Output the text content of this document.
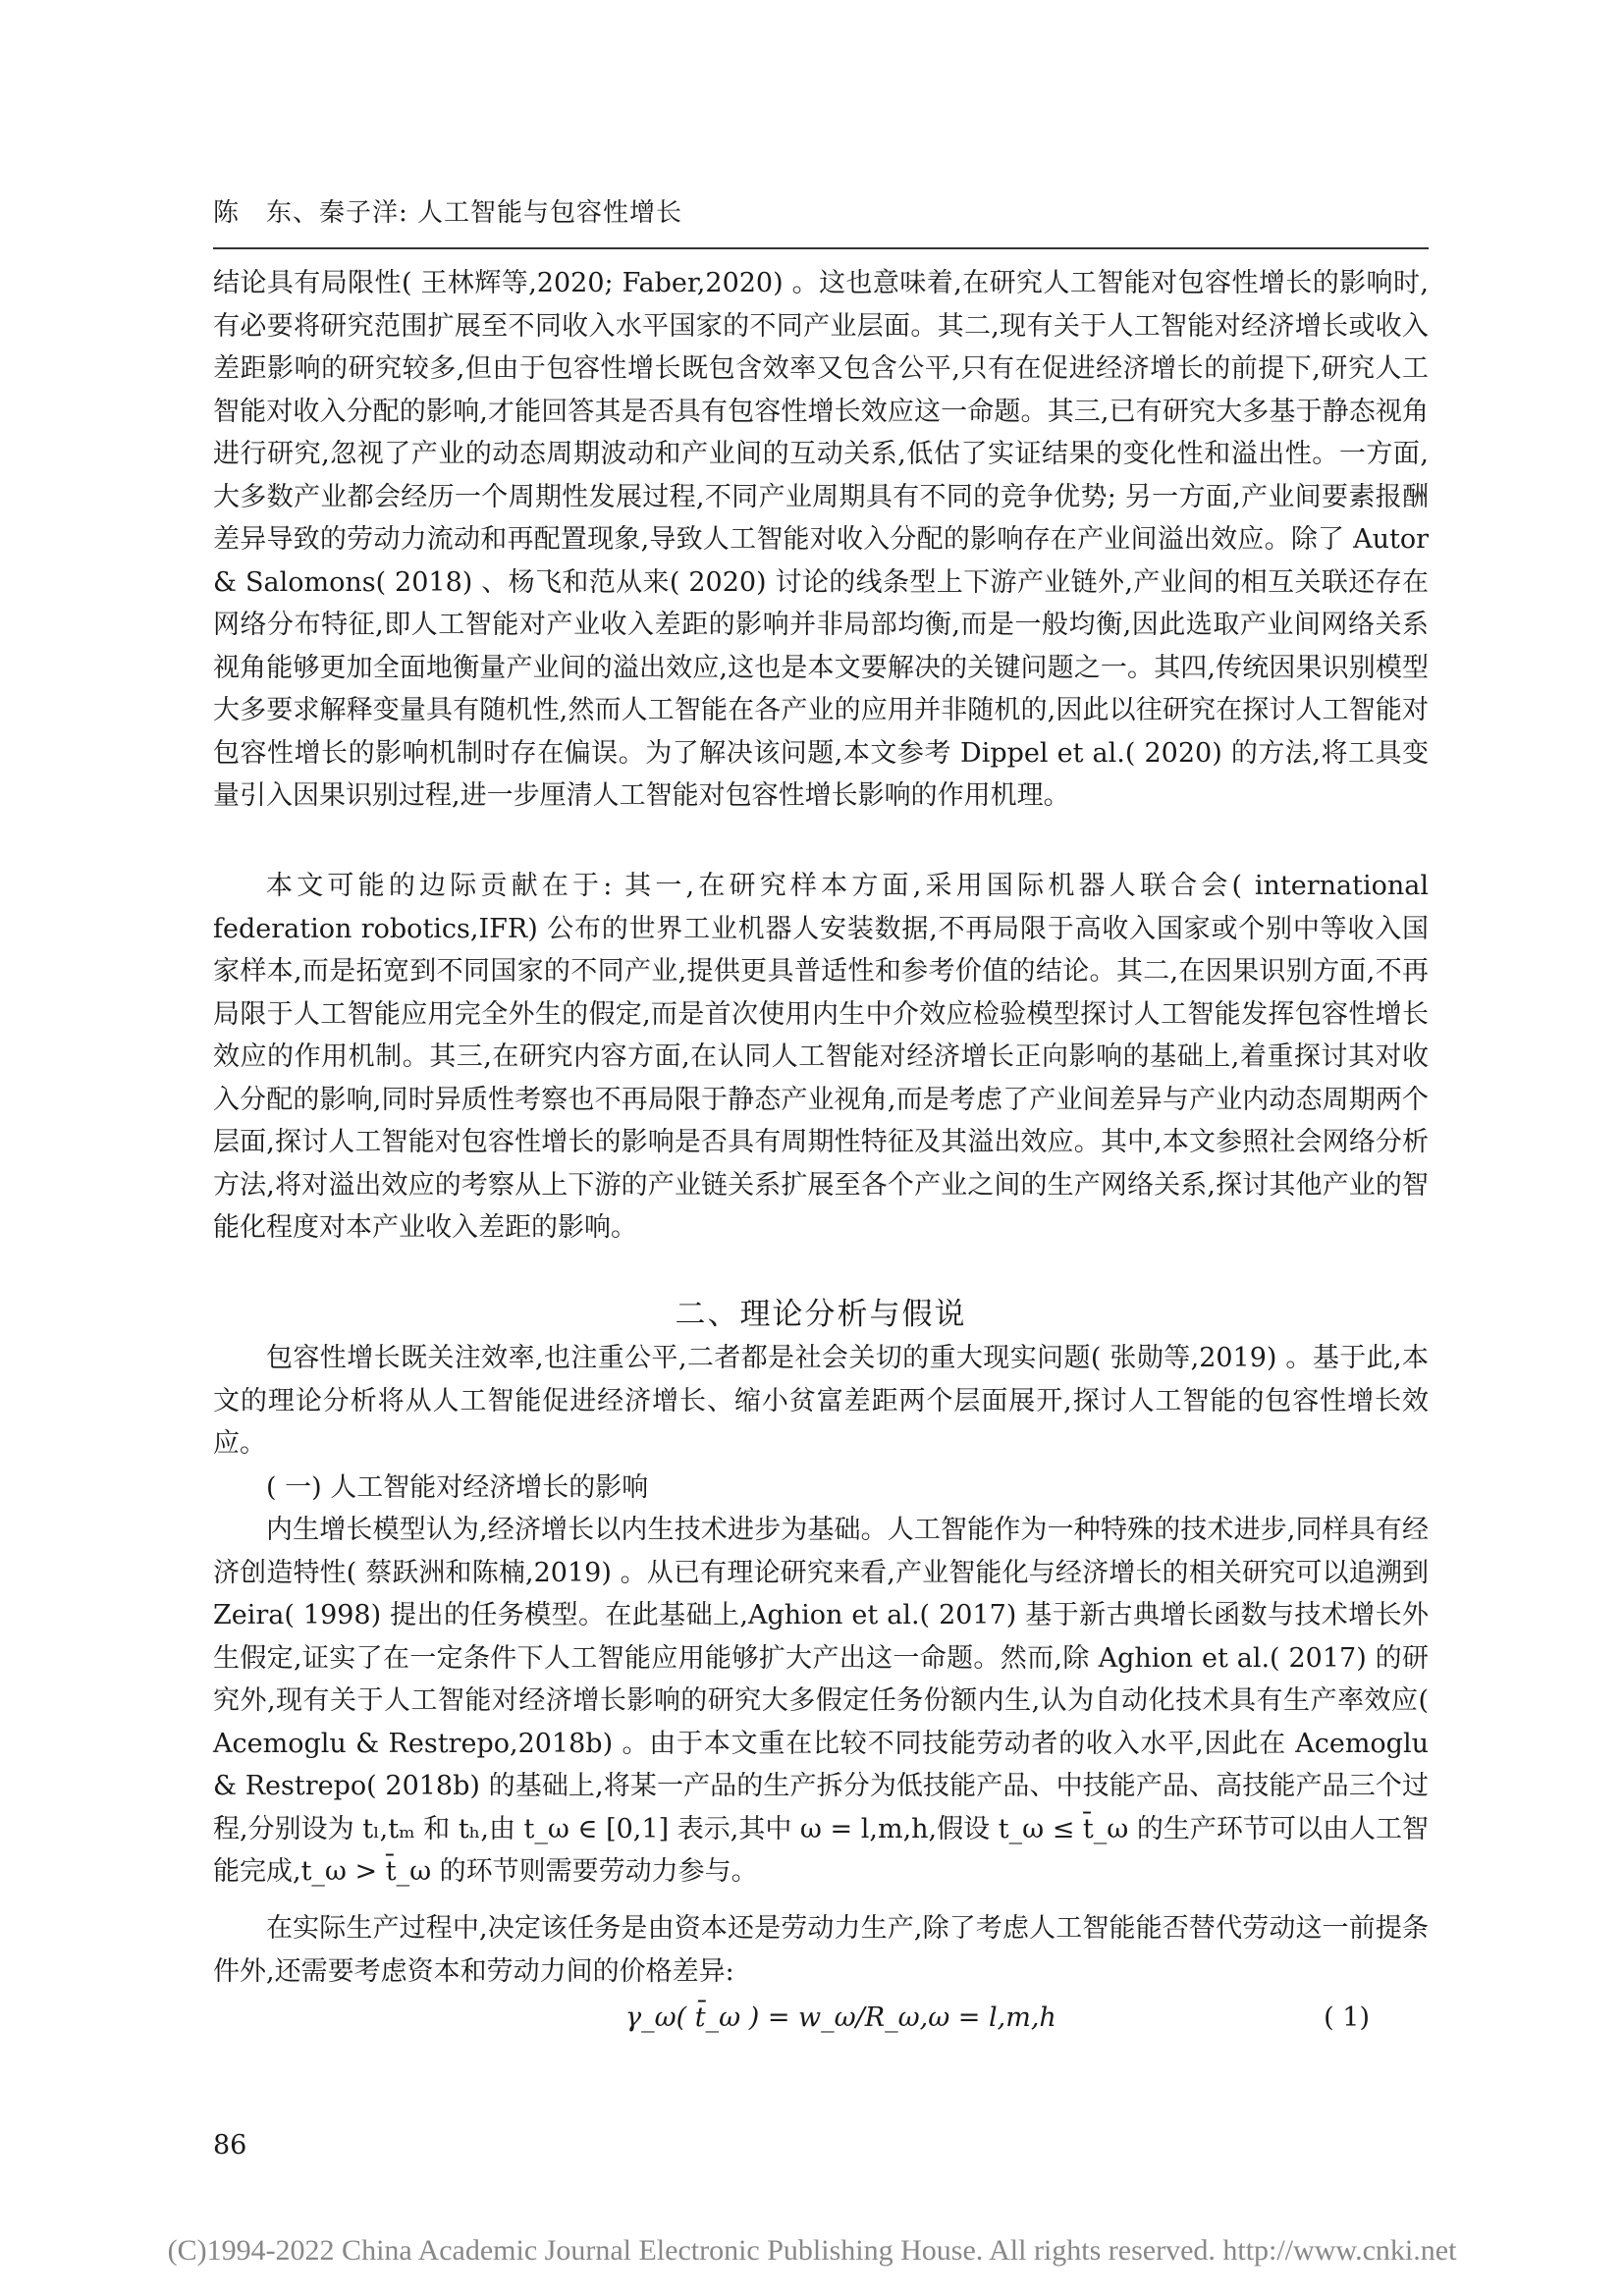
陈　东、秦子洋: 人工智能与包容性增长

结论具有局限性( 王林辉等,2020; Faber,2020) 。这也意味着,在研究人工智能对包容性增长的影响时,有必要将研究范围扩展至不同收入水平国家的不同产业层面。其二,现有关于人工智能对经济增长或收入差距影响的研究较多,但由于包容性增长既包含效率又包含公平,只有在促进经济增长的前提下,研究人工智能对收入分配的影响,才能回答其是否具有包容性增长效应这一命题。其三,已有研究大多基于静态视角进行研究,忽视了产业的动态周期波动和产业间的互动关系,低估了实证结果的变化性和溢出性。一方面,大多数产业都会经历一个周期性发展过程,不同产业周期具有不同的竞争优势; 另一方面,产业间要素报酬差异导致的劳动力流动和再配置现象,导致人工智能对收入分配的影响存在产业间溢出效应。除了 Autor & Salomons( 2018) 、杨飞和范从来( 2020) 讨论的线条型上下游产业链外,产业间的相互关联还存在网络分布特征,即人工智能对产业收入差距的影响并非局部均衡,而是一般均衡,因此选取产业间网络关系视角能够更加全面地衡量产业间的溢出效应,这也是本文要解决的关键问题之一。其四,传统因果识别模型大多要求解释变量具有随机性,然而人工智能在各产业的应用并非随机的,因此以往研究在探讨人工智能对包容性增长的影响机制时存在偏误。为了解决该问题,本文参考 Dippel et al.( 2020) 的方法,将工具变量引入因果识别过程,进一步厘清人工智能对包容性增长影响的作用机理。

本文可能的边际贡献在于: 其一,在研究样本方面,采用国际机器人联合会( international federation robotics,IFR) 公布的世界工业机器人安装数据,不再局限于高收入国家或个别中等收入国家样本,而是拓宽到不同国家的不同产业,提供更具普适性和参考价值的结论。其二,在因果识别方面,不再局限于人工智能应用完全外生的假定,而是首次使用内生中介效应检验模型探讨人工智能发挥包容性增长效应的作用机制。其三,在研究内容方面,在认同人工智能对经济增长正向影响的基础上,着重探讨其对收入分配的影响,同时异质性考察也不再局限于静态产业视角,而是考虑了产业间差异与产业内动态周期两个层面,探讨人工智能对包容性增长的影响是否具有周期性特征及其溢出效应。其中,本文参照社会网络分析方法,将对溢出效应的考察从上下游的产业链关系扩展至各个产业之间的生产网络关系,探讨其他产业的智能化程度对本产业收入差距的影响。

二、理论分析与假说

包容性增长既关注效率,也注重公平,二者都是社会关切的重大现实问题( 张勋等,2019) 。基于此,本文的理论分析将从人工智能促进经济增长、缩小贫富差距两个层面展开,探讨人工智能的包容性增长效应。

( 一) 人工智能对经济增长的影响

内生增长模型认为,经济增长以内生技术进步为基础。人工智能作为一种特殊的技术进步,同样具有经济创造特性( 蔡跃洲和陈楠,2019) 。从已有理论研究来看,产业智能化与经济增长的相关研究可以追溯到 Zeira( 1998) 提出的任务模型。在此基础上,Aghion et al.( 2017) 基于新古典增长函数与技术增长外生假定,证实了在一定条件下人工智能应用能够扩大产出这一命题。然而,除 Aghion et al.( 2017) 的研究外,现有关于人工智能对经济增长影响的研究大多假定任务份额内生,认为自动化技术具有生产率效应( Acemoglu & Restrepo,2018b) 。由于本文重在比较不同技能劳动者的收入水平,因此在 Acemoglu & Restrepo( 2018b) 的基础上,将某一产品的生产拆分为低技能产品、中技能产品、高技能产品三个过程,分别设为 tₗ,tₘ 和 tₕ,由 t_ω ∈ [0,1] 表示,其中 ω = l,m,h,假设 t_ω ≤ t̄_ω 的生产环节可以由人工智能完成,t_ω > t̄_ω 的环节则需要劳动力参与。

在实际生产过程中,决定该任务是由资本还是劳动力生产,除了考虑人工智能能否替代劳动这一前提条件外,还需要考虑资本和劳动力间的价格差异:

γ_ω( t̄_ω ) = w_ω/R_ω,ω = l,m,h	( 1)
86
(C)1994-2022 China Academic Journal Electronic Publishing House. All rights reserved. http://www.cnki.net
